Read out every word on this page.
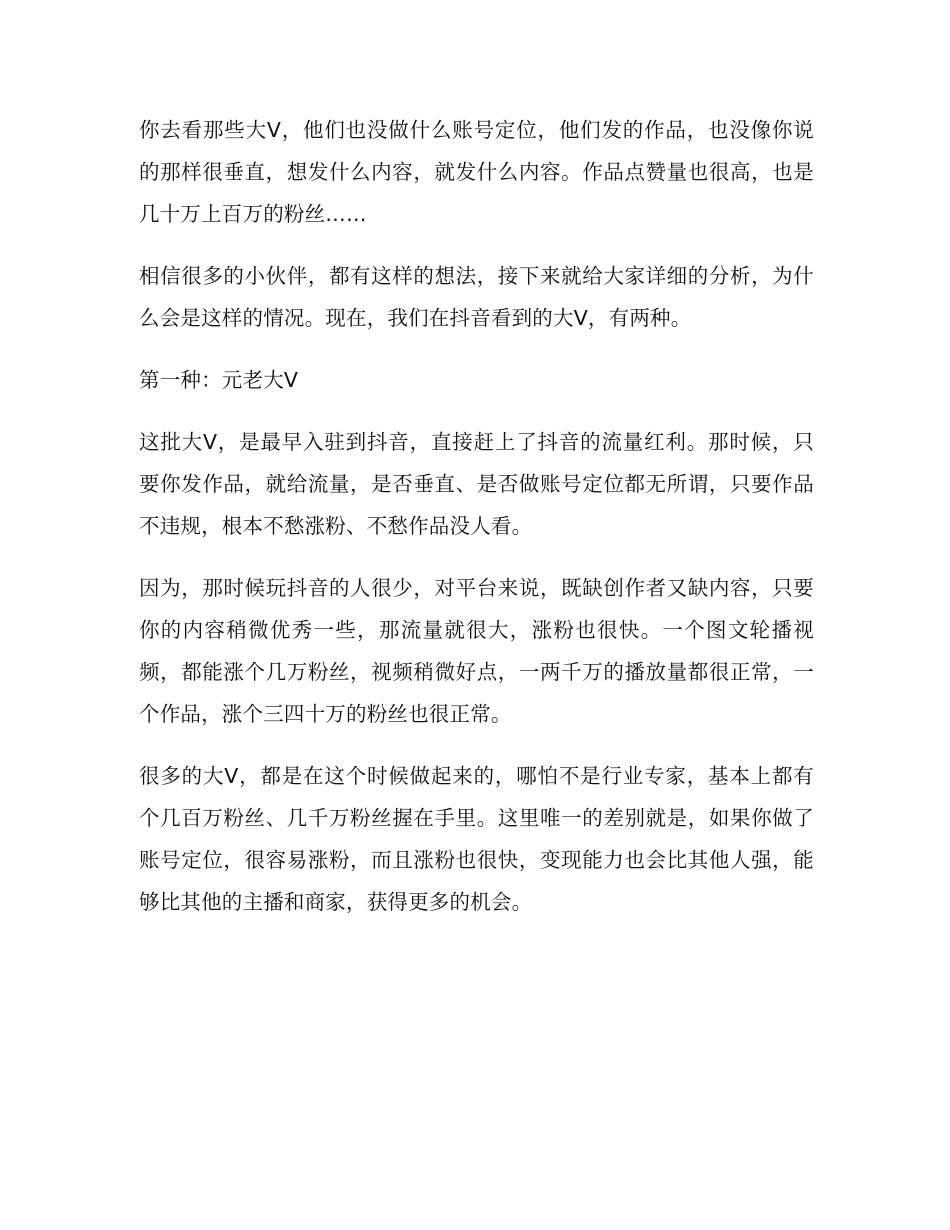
你去看那些大Ⅴ，他们也没做什么账号定位，他们发的作品，也没像你说的那样很垂直，想发什么内容，就发什么内容。作品点赞量也很高，也是几十万上百万的粉丝……

相信很多的小伙伴，都有这样的想法，接下来就给大家详细的分析，为什么会是这样的情况。现在，我们在抖音看到的大Ⅴ，有两种。

第一种：元老大Ⅴ

这批大Ⅴ，是最早入驻到抖音，直接赶上了抖音的流量红利。那时候，只要你发作品，就给流量，是否垂直、是否做账号定位都无所谓，只要作品不违规，根本不愁涨粉、不愁作品没人看。

因为，那时候玩抖音的人很少，对平台来说，既缺创作者又缺内容，只要你的内容稍微优秀一些，那流量就很大，涨粉也很快。一个图文轮播视频，都能涨个几万粉丝，视频稍微好点，一两千万的播放量都很正常，一个作品，涨个三四十万的粉丝也很正常。

很多的大Ⅴ，都是在这个时候做起来的，哪怕不是行业专家，基本上都有个几百万粉丝、几千万粉丝握在手里。这里唯一的差别就是，如果你做了账号定位，很容易涨粉，而且涨粉也很快，变现能力也会比其他人强，能够比其他的主播和商家，获得更多的机会。
